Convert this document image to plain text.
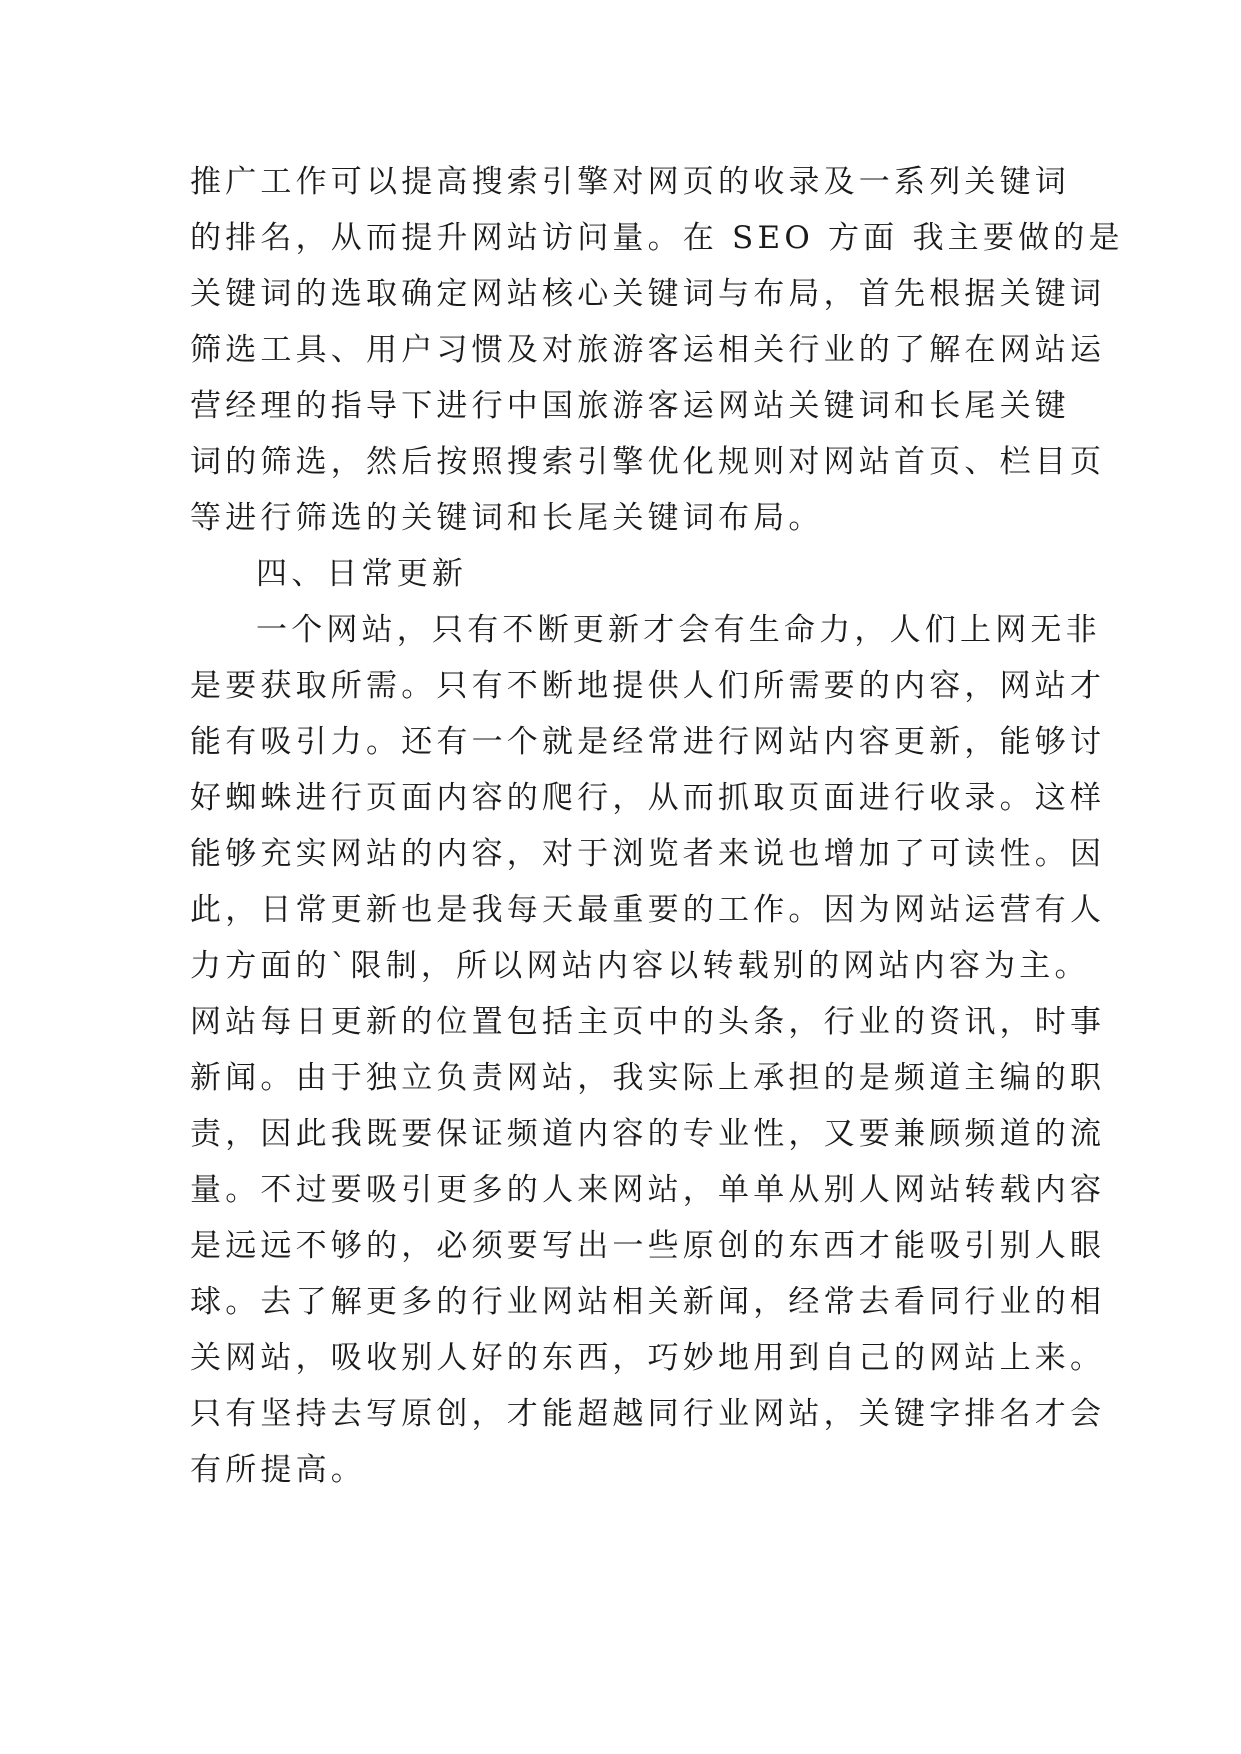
推广工作可以提高搜索引擎对网页的收录及一系列关键词
的排名，从而提升网站访问量。在 SEO 方面 我主要做的是
关键词的选取确定网站核心关键词与布局，首先根据关键词
筛选工具、用户习惯及对旅游客运相关行业的了解在网站运
营经理的指导下进行中国旅游客运网站关键词和长尾关键
词的筛选，然后按照搜索引擎优化规则对网站首页、栏目页
等进行筛选的关键词和长尾关键词布局。
四、日常更新
一个网站，只有不断更新才会有生命力，人们上网无非
是要获取所需。只有不断地提供人们所需要的内容，网站才
能有吸引力。还有一个就是经常进行网站内容更新，能够讨
好蜘蛛进行页面内容的爬行，从而抓取页面进行收录。这样
能够充实网站的内容，对于浏览者来说也增加了可读性。因
此，日常更新也是我每天最重要的工作。因为网站运营有人
力方面的`限制，所以网站内容以转载别的网站内容为主。
网站每日更新的位置包括主页中的头条，行业的资讯，时事
新闻。由于独立负责网站，我实际上承担的是频道主编的职
责，因此我既要保证频道内容的专业性，又要兼顾频道的流
量。不过要吸引更多的人来网站，单单从别人网站转载内容
是远远不够的，必须要写出一些原创的东西才能吸引别人眼
球。去了解更多的行业网站相关新闻，经常去看同行业的相
关网站，吸收别人好的东西，巧妙地用到自己的网站上来。
只有坚持去写原创，才能超越同行业网站，关键字排名才会
有所提高。
